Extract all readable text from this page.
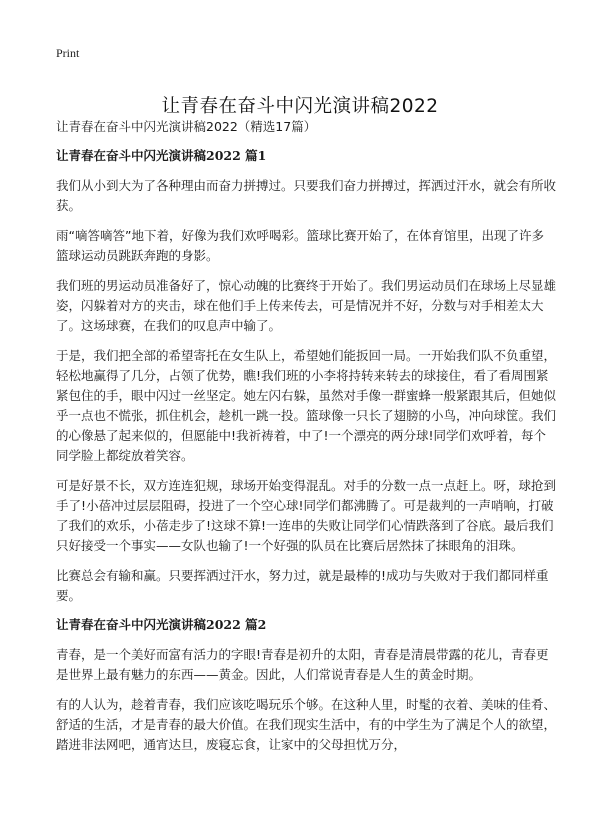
Print
让青春在奋斗中闪光演讲稿2022

让青春在奋斗中闪光演讲稿2022（精选17篇）

让青春在奋斗中闪光演讲稿2022 篇1

我们从小到大为了各种理由而奋力拼搏过。只要我们奋力拼搏过，挥洒过汗水，就会有所收获。

雨“嘀答嘀答”地下着，好像为我们欢呼喝彩。篮球比赛开始了，在体育馆里，出现了许多篮球运动员跳跃奔跑的身影。

我们班的男运动员准备好了，惊心动魄的比赛终于开始了。我们男运动员们在球场上尽显雄姿，闪躲着对方的夹击，球在他们手上传来传去，可是情况并不好，分数与对手相差太大了。这场球赛，在我们的叹息声中输了。

于是，我们把全部的希望寄托在女生队上，希望她们能扳回一局。一开始我们队不负重望，轻松地赢得了几分，占领了优势，瞧!我们班的小李将持转来转去的球接住，看了看周围紧紧包住的手，眼中闪过一丝坚定。她左闪右躲，虽然对手像一群蜜蜂一般紧跟其后，但她似乎一点也不慌张，抓住机会，趁机一跳一投。篮球像一只长了翅膀的小鸟，冲向球筐。我们的心像悬了起来似的，但愿能中!我祈祷着，中了!一个漂亮的两分球!同学们欢呼着，每个同学脸上都绽放着笑容。

可是好景不长，双方连连犯规，球场开始变得混乱。对手的分数一点一点赶上。呀，球抢到手了!小蓓冲过层层阻碍，投进了一个空心球!同学们都沸腾了。可是裁判的一声哨响，打破了我们的欢乐，小蓓走步了!这球不算!一连串的失败让同学们心情跌落到了谷底。最后我们只好接受一个事实——女队也输了!一个好强的队员在比赛后居然抹了抹眼角的泪珠。

比赛总会有输和赢。只要挥洒过汗水，努力过，就是最棒的!成功与失败对于我们都同样重要。

让青春在奋斗中闪光演讲稿2022 篇2

青春，是一个美好而富有活力的字眼!青春是初升的太阳，青春是清晨带露的花儿，青春更是世界上最有魅力的东西——黄金。因此，人们常说青春是人生的黄金时期。

有的人认为，趁着青春，我们应该吃喝玩乐个够。在这种人里，时髦的衣着、美味的佳肴、舒适的生活，才是青春的最大价值。在我们现实生活中，有的中学生为了满足个人的欲望，踏进非法网吧，通宵达旦，废寝忘食，让家中的父母担忧万分，
